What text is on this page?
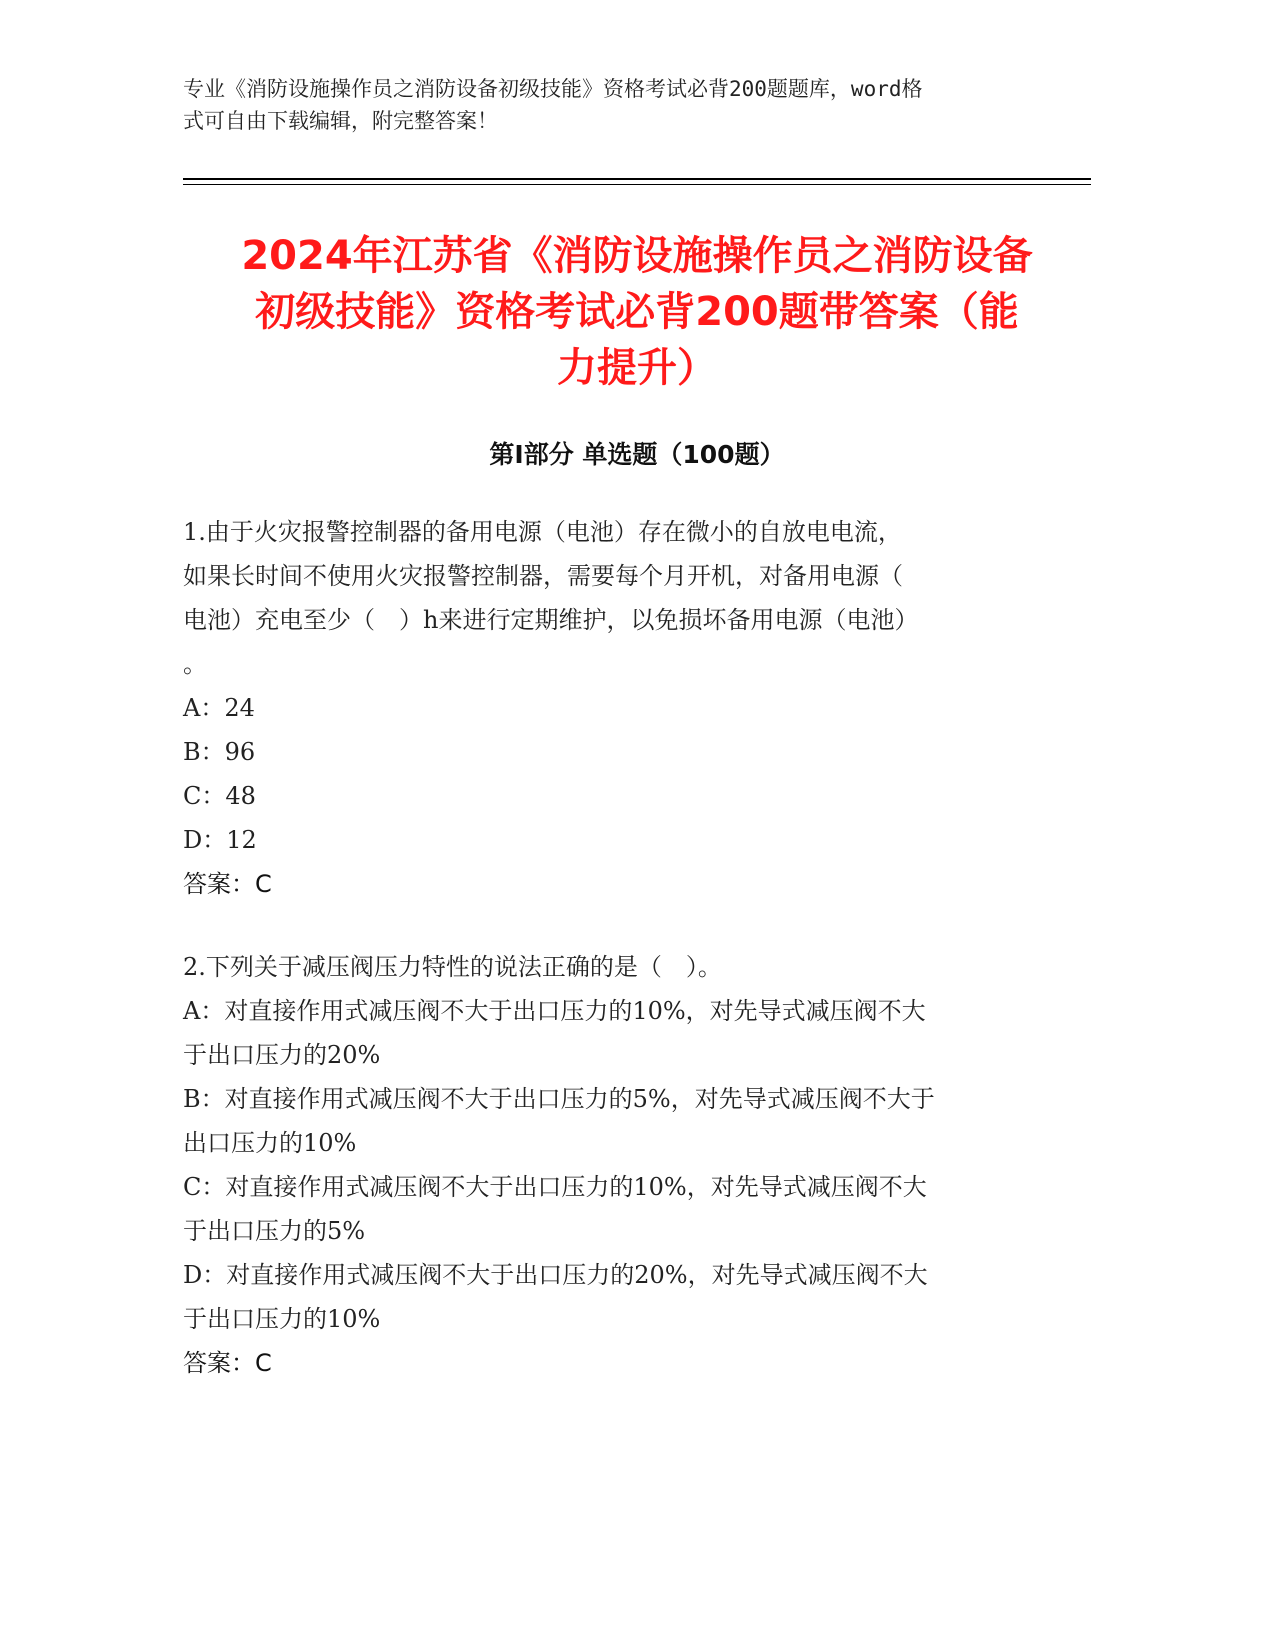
专业《消防设施操作员之消防设备初级技能》资格考试必背200题题库，word格
式可自由下载编辑，附完整答案！
2024年江苏省《消防设施操作员之消防设备
初级技能》资格考试必背200题带答案（能
力提升）
第Ⅰ部分 单选题（100题）

1.由于火灾报警控制器的备用电源（电池）存在微小的自放电电流，

如果长时间不使用火灾报警控制器，需要每个月开机，对备用电源（

电池）充电至少（　）h来进行定期维护，以免损坏备用电源（电池）

。

A：24

B：96

C：48

D：12

答案：C

2.下列关于减压阀压力特性的说法正确的是（　）。

A：对直接作用式减压阀不大于出口压力的10%，对先导式减压阀不大

于出口压力的20%

B：对直接作用式减压阀不大于出口压力的5%，对先导式减压阀不大于

出口压力的10%

C：对直接作用式减压阀不大于出口压力的10%，对先导式减压阀不大

于出口压力的5%

D：对直接作用式减压阀不大于出口压力的20%，对先导式减压阀不大

于出口压力的10%

答案：C
